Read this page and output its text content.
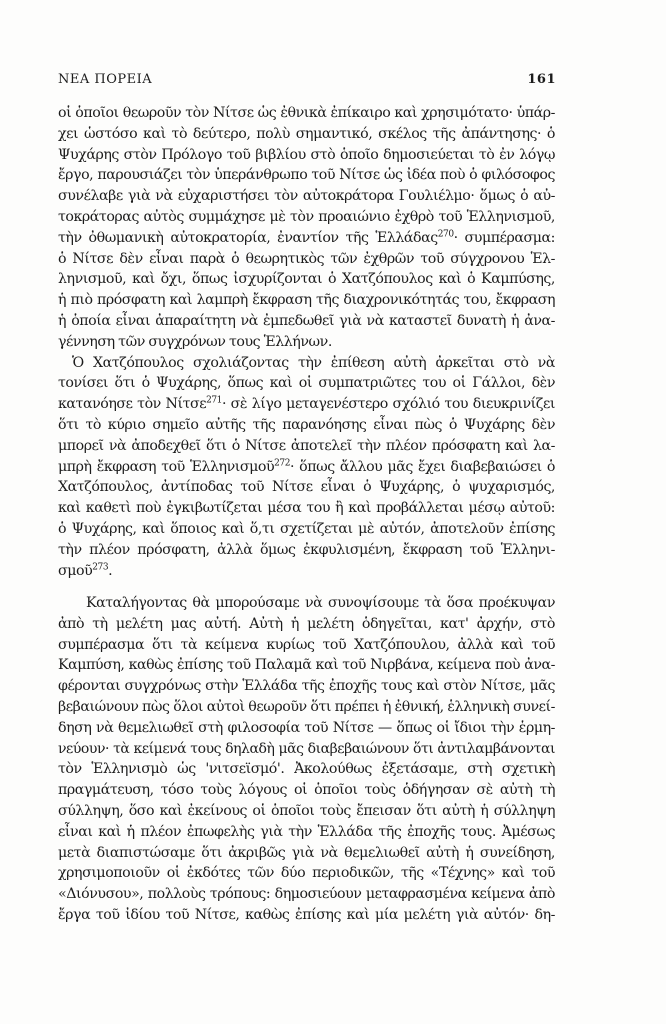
ΝΕΑ ΠΟΡΕΙΑ	161
οἱ ὁποῖοι θεωροῦν τὸν Νίτσε ὡς ἐθνικὰ ἐπίκαιρο καὶ χρησιμότατο· ὑπάρ-
χει ὡστόσο καὶ τὸ δεύτερο, πολὺ σημαντικό, σκέλος τῆς ἀπάντησης· ὁ
Ψυχάρης στὸν Πρόλογο τοῦ βιβλίου στὸ ὁποῖο δημοσιεύεται τὸ ἐν λόγῳ
ἔργο, παρουσιάζει τὸν ὑπεράνθρωπο τοῦ Νίτσε ὡς ἰδέα ποὺ ὁ φιλόσοφος
συνέλαβε γιὰ νὰ εὐχαριστήσει τὸν αὐτοκράτορα Γουλιέλμο· ὅμως ὁ αὐ-
τοκράτορας αὐτὸς συμμάχησε μὲ τὸν προαιώνιο ἐχθρὸ τοῦ Ἑλληνισμοῦ,
τὴν ὀθωμανικὴ αὐτοκρατορία, ἐναντίον τῆς Ἑλλάδας$^{270}$· συμπέρασμα:
ὁ Νίτσε δὲν εἶναι παρὰ ὁ θεωρητικὸς τῶν ἐχθρῶν τοῦ σύγχρονου Ἑλ-
ληνισμοῦ, καὶ ὄχι, ὅπως ἰσχυρίζονται ὁ Χατζόπουλος καὶ ὁ Καμπύσης,
ἡ πιὸ πρόσφατη καὶ λαμπρὴ ἔκφραση τῆς διαχρονικότητάς του, ἔκφραση
ἡ ὁποία εἶναι ἀπαραίτητη νὰ ἐμπεδωθεῖ γιὰ νὰ καταστεῖ δυνατὴ ἡ ἀνα-
γέννηση τῶν συγχρόνων τους Ἑλλήνων.
Ὁ Χατζόπουλος σχολιάζοντας τὴν ἐπίθεση αὐτὴ ἀρκεῖται στὸ νὰ
τονίσει ὅτι ὁ Ψυχάρης, ὅπως καὶ οἱ συμπατριῶτες του οἱ Γάλλοι, δὲν
κατανόησε τὸν Νίτσε$^{271}$· σὲ λίγο μεταγενέστερο σχόλιό του διευκρινίζει
ὅτι τὸ κύριο σημεῖο αὐτῆς τῆς παρανόησης εἶναι πὼς ὁ Ψυχάρης δὲν
μπορεῖ νὰ ἀποδεχθεῖ ὅτι ὁ Νίτσε ἀποτελεῖ τὴν πλέον πρόσφατη καὶ λα-
μπρὴ ἔκφραση τοῦ Ἑλληνισμοῦ$^{272}$· ὅπως ἄλλου μᾶς ἔχει διαβεβαιώσει ὁ
Χατζόπουλος, ἀντίποδας τοῦ Νίτσε εἶναι ὁ Ψυχάρης, ὁ ψυχαρισμός,
καὶ καθετὶ ποὺ ἐγκιβωτίζεται μέσα του ἢ καὶ προβάλλεται μέσῳ αὐτοῦ:
ὁ Ψυχάρης, καὶ ὅποιος καὶ ὅ,τι σχετίζεται μὲ αὐτόν, ἀποτελοῦν ἐπίσης
τὴν πλέον πρόσφατη, ἀλλὰ ὅμως ἐκφυλισμένη, ἔκφραση τοῦ Ἑλληνι-
σμοῦ$^{273}$.
Καταλήγοντας θὰ μπορούσαμε νὰ συνοψίσουμε τὰ ὅσα προέκυψαν
ἀπὸ τὴ μελέτη μας αὐτή. Αὐτὴ ἡ μελέτη ὁδηγεῖται, κατ' ἀρχήν, στὸ
συμπέρασμα ὅτι τὰ κείμενα κυρίως τοῦ Χατζόπουλου, ἀλλὰ καὶ τοῦ
Καμπύση, καθὼς ἐπίσης τοῦ Παλαμᾶ καὶ τοῦ Νιρβάνα, κείμενα ποὺ ἀνα-
φέρονται συγχρόνως στὴν Ἑλλάδα τῆς ἐποχῆς τους καὶ στὸν Νίτσε, μᾶς
βεβαιώνουν πὼς ὅλοι αὐτοὶ θεωροῦν ὅτι πρέπει ἡ ἐθνική, ἑλληνικὴ συνεί-
δηση νὰ θεμελιωθεῖ στὴ φιλοσοφία τοῦ Νίτσε — ὅπως οἱ ἴδιοι τὴν ἑρμη-
νεύουν· τὰ κείμενά τους δηλαδὴ μᾶς διαβεβαιώνουν ὅτι ἀντιλαμβάνονται
τὸν Ἑλληνισμὸ ὡς 'νιτσεϊσμό'. Ἀκολούθως ἐξετάσαμε, στὴ σχετικὴ
πραγμάτευση, τόσο τοὺς λόγους οἱ ὁποῖοι τοὺς ὁδήγησαν σὲ αὐτὴ τὴ
σύλληψη, ὅσο καὶ ἐκείνους οἱ ὁποῖοι τοὺς ἔπεισαν ὅτι αὐτὴ ἡ σύλληψη
εἶναι καὶ ἡ πλέον ἐπωφελὴς γιὰ τὴν Ἑλλάδα τῆς ἐποχῆς τους. Ἀμέσως
μετὰ διαπιστώσαμε ὅτι ἀκριβῶς γιὰ νὰ θεμελιωθεῖ αὐτὴ ἡ συνείδηση,
χρησιμοποιοῦν οἱ ἐκδότες τῶν δύο περιοδικῶν, τῆς «Τέχνης» καὶ τοῦ
«Διόνυσου», πολλοὺς τρόπους: δημοσιεύουν μεταφρασμένα κείμενα ἀπὸ
ἔργα τοῦ ἰδίου τοῦ Νίτσε, καθὼς ἐπίσης καὶ μία μελέτη γιὰ αὐτόν· δη-
